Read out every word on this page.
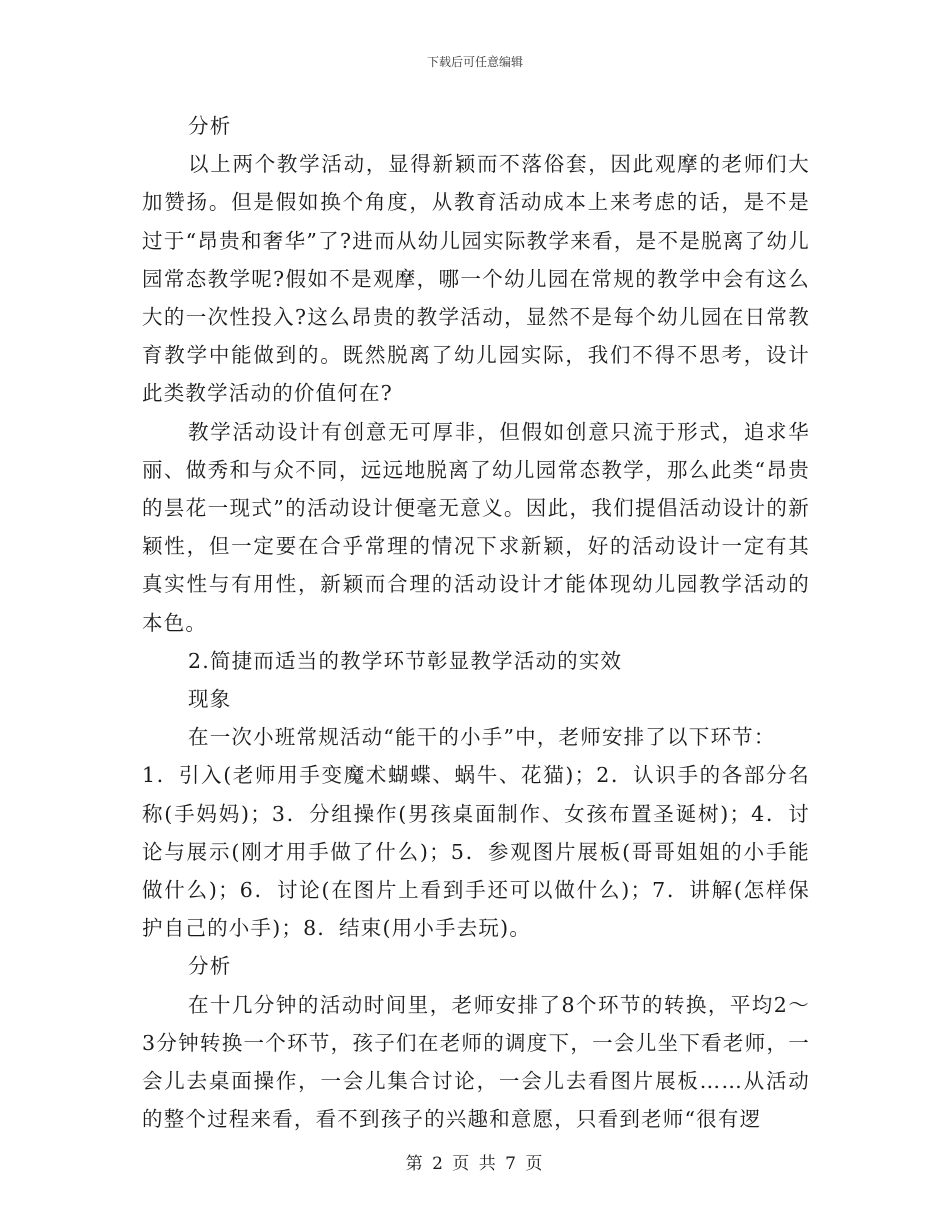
下载后可任意编辑

分析

以上两个教学活动，显得新颖而不落俗套，因此观摩的老师们大加赞扬。但是假如换个角度，从教育活动成本上来考虑的话，是不是过于“昂贵和奢华”了?进而从幼儿园实际教学来看，是不是脱离了幼儿园常态教学呢?假如不是观摩，哪一个幼儿园在常规的教学中会有这么大的一次性投入?这么昂贵的教学活动，显然不是每个幼儿园在日常教育教学中能做到的。既然脱离了幼儿园实际，我们不得不思考，设计此类教学活动的价值何在?

教学活动设计有创意无可厚非，但假如创意只流于形式，追求华丽、做秀和与众不同，远远地脱离了幼儿园常态教学，那么此类“昂贵的昙花一现式”的活动设计便毫无意义。因此，我们提倡活动设计的新颖性，但一定要在合乎常理的情况下求新颖，好的活动设计一定有其真实性与有用性，新颖而合理的活动设计才能体现幼儿园教学活动的本色。

2.简捷而适当的教学环节彰显教学活动的实效

现象

在一次小班常规活动“能干的小手”中，老师安排了以下环节：

1．引入(老师用手变魔术蝴蝶、蜗牛、花猫)；2．认识手的各部分名称(手妈妈)；3．分组操作(男孩桌面制作、女孩布置圣诞树)；4．讨论与展示(刚才用手做了什么)；5．参观图片展板(哥哥姐姐的小手能做什么)；6．讨论(在图片上看到手还可以做什么)；7．讲解(怎样保护自己的小手)；8．结束(用小手去玩)。

分析

在十几分钟的活动时间里，老师安排了8个环节的转换，平均2～3分钟转换一个环节，孩子们在老师的调度下，一会儿坐下看老师，一会儿去桌面操作，一会儿集合讨论，一会儿去看图片展板……从活动的整个过程来看，看不到孩子的兴趣和意愿，只看到老师“很有逻

第 2 页 共 7 页
